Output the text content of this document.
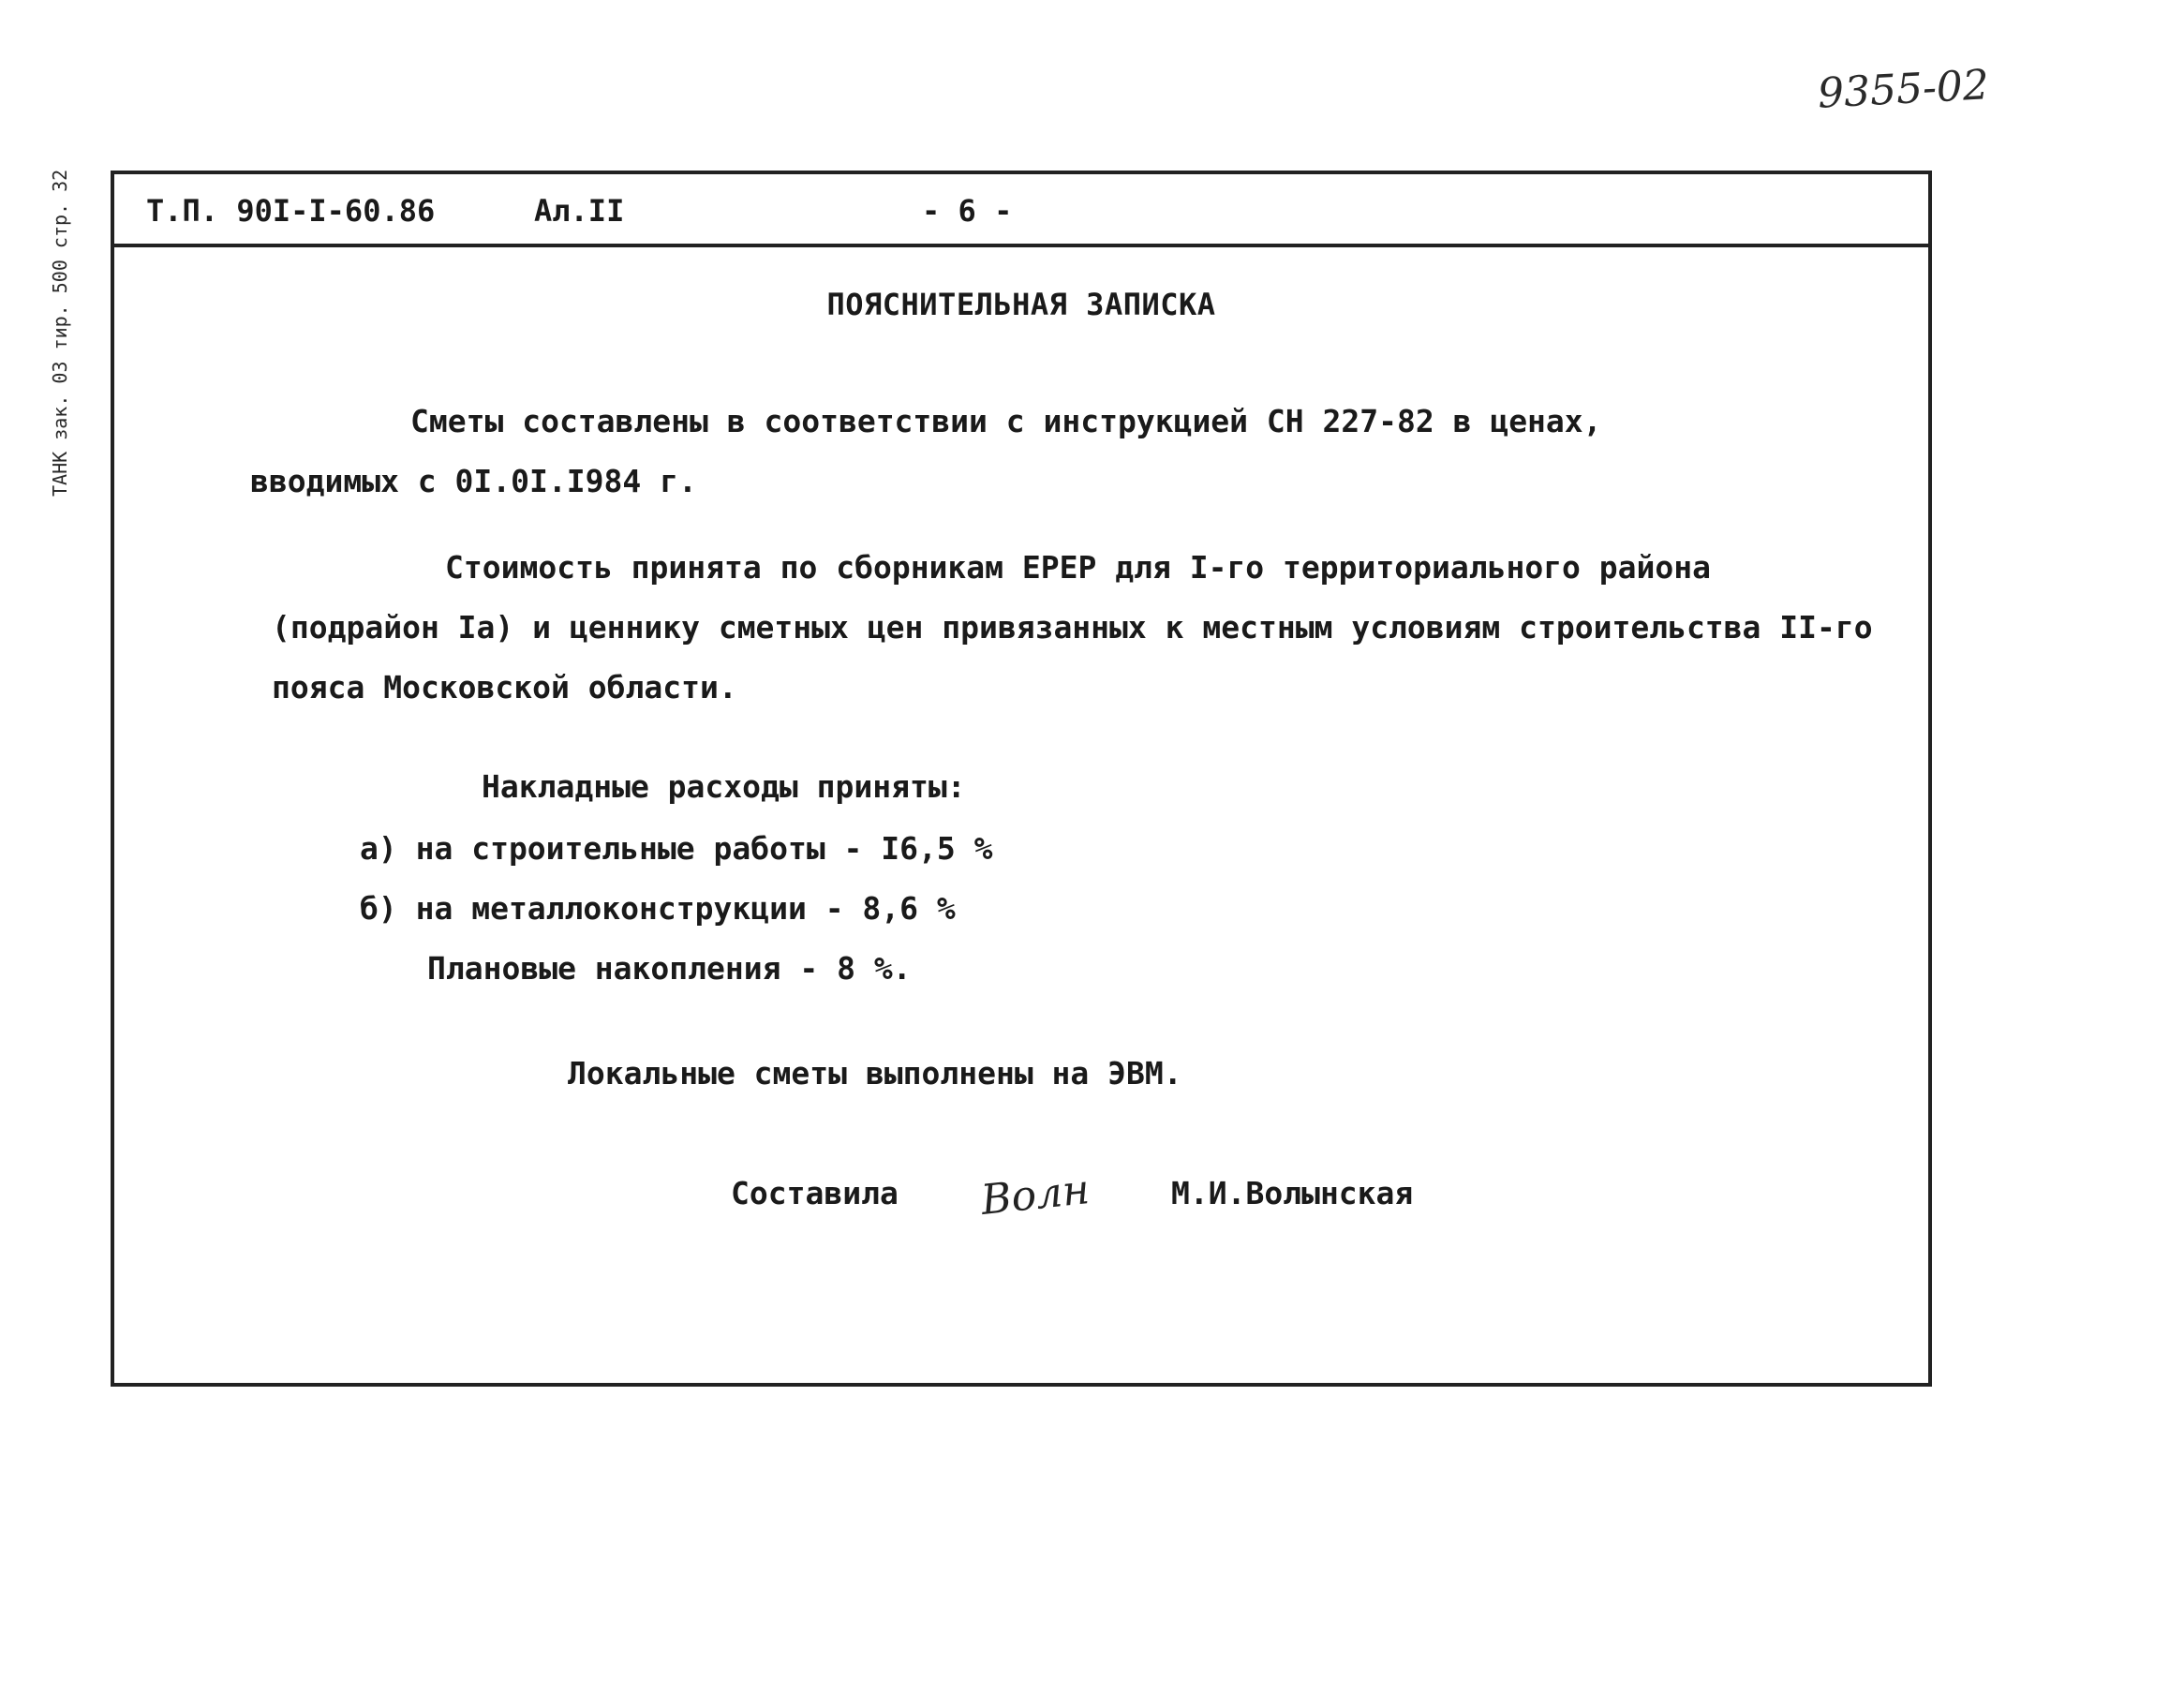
9355-02
ТАНК зак. 03 тир. 500 стр. 32	Т.П. 90I-I-60.86	Ал.II	- 6 -
ПОЯСНИТЕЛЬНАЯ ЗАПИСКА
Сметы составлены в соответствии с инструкцией СН 227-82 в ценах,
вводимых с 0I.0I.I984 г.
Стоимость принята по сборникам ЕРЕР для I-го территориального района
(подрайон Iа) и ценнику сметных цен привязанных к местным условиям строительства II-го
пояса Московской области.
Накладные расходы приняты:
а) на строительные работы - I6,5 %
б) на металлоконструкции - 8,6 %
Плановые накопления - 8 %.
Локальные сметы выполнены на ЭВМ.
Составила Волн	М.И.Волынская
